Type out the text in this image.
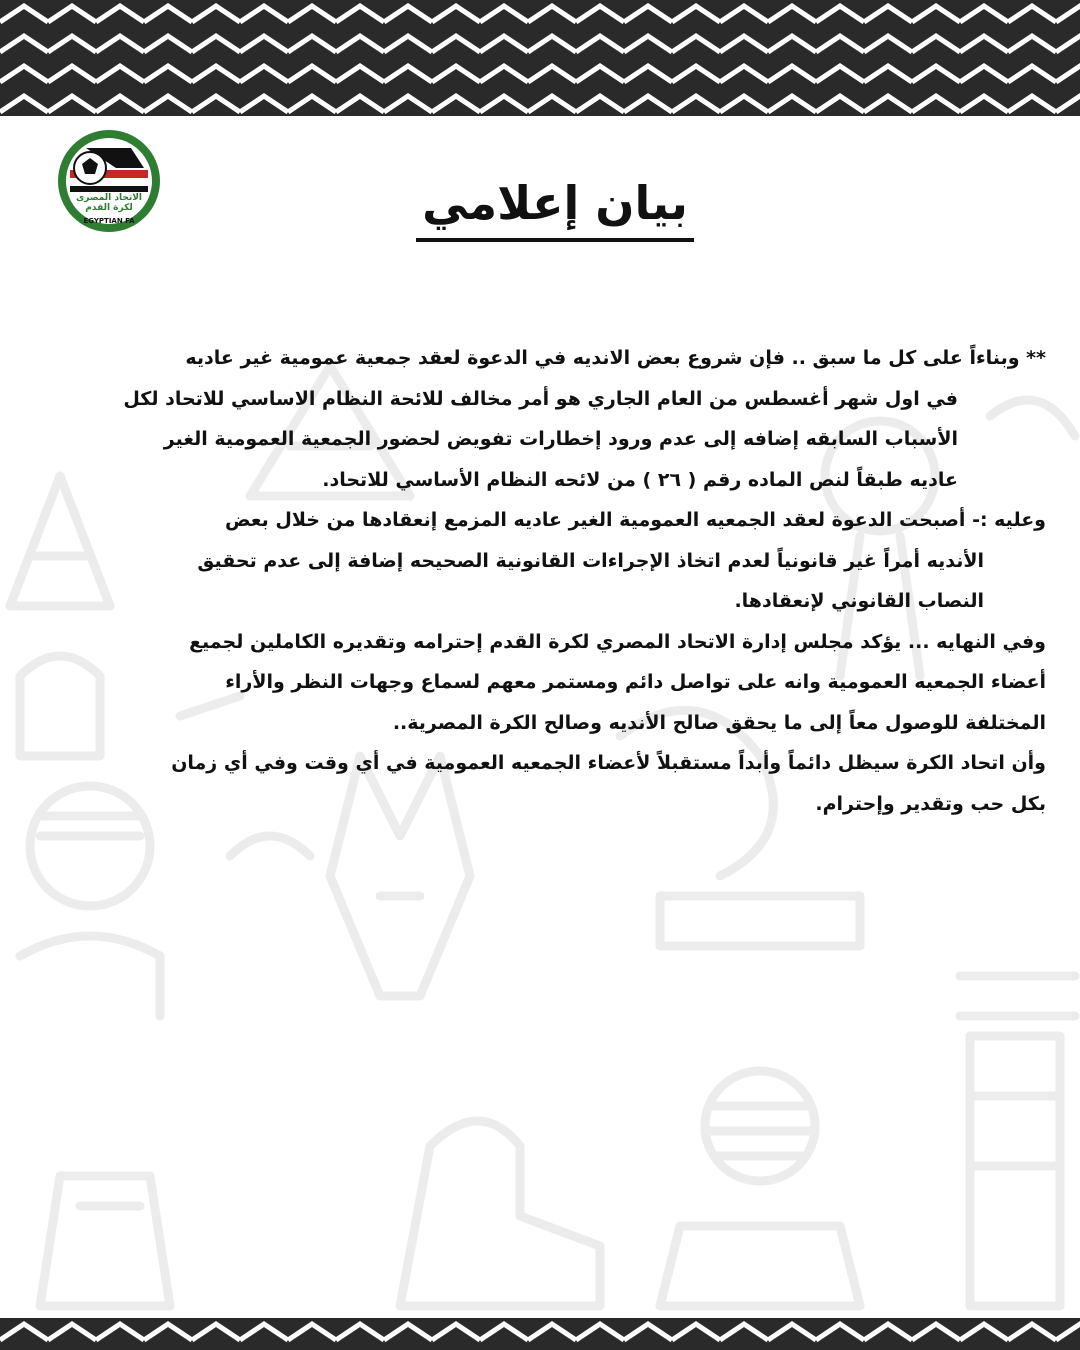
الاتحاد المصرى
لكرة القدم
EGYPTIAN FA	بيان إعلامي
** وبناءاً على كل ما سبق .. فإن شروع بعض الانديه في الدعوة لعقد جمعية عمومية غير عاديه
في اول شهر أغسطس من العام الجاري هو أمر مخالف للائحة النظام الاساسي للاتحاد لكل
الأسباب السابقه إضافه إلى عدم ورود إخطارات تفويض لحضور الجمعية العمومية الغير
عاديه طبقاً لنص الماده رقم ( ٢٦ ) من لائحه النظام الأساسي للاتحاد.
وعليه :- أصبحت الدعوة لعقد الجمعيه العمومية الغير عاديه المزمع إنعقادها من خلال بعض
الأنديه أمراً غير قانونياً لعدم اتخاذ الإجراءات القانونية الصحيحه إضافة إلى عدم تحقيق
النصاب القانوني لإنعقادها.
وفي النهايه ... يؤكد مجلس إدارة الاتحاد المصري لكرة القدم إحترامه وتقديره الكاملين لجميع
أعضاء الجمعيه العمومية وانه على تواصل دائم ومستمر معهم لسماع وجهات النظر والأراء
المختلفة للوصول معاً إلى ما يحقق صالح الأنديه وصالح الكرة المصرية..
وأن اتحاد الكرة سيظل دائماً وأبداً مستقبلاً لأعضاء الجمعيه العمومية في أي وقت وفي أي زمان
بكل حب وتقدير وإحترام.
